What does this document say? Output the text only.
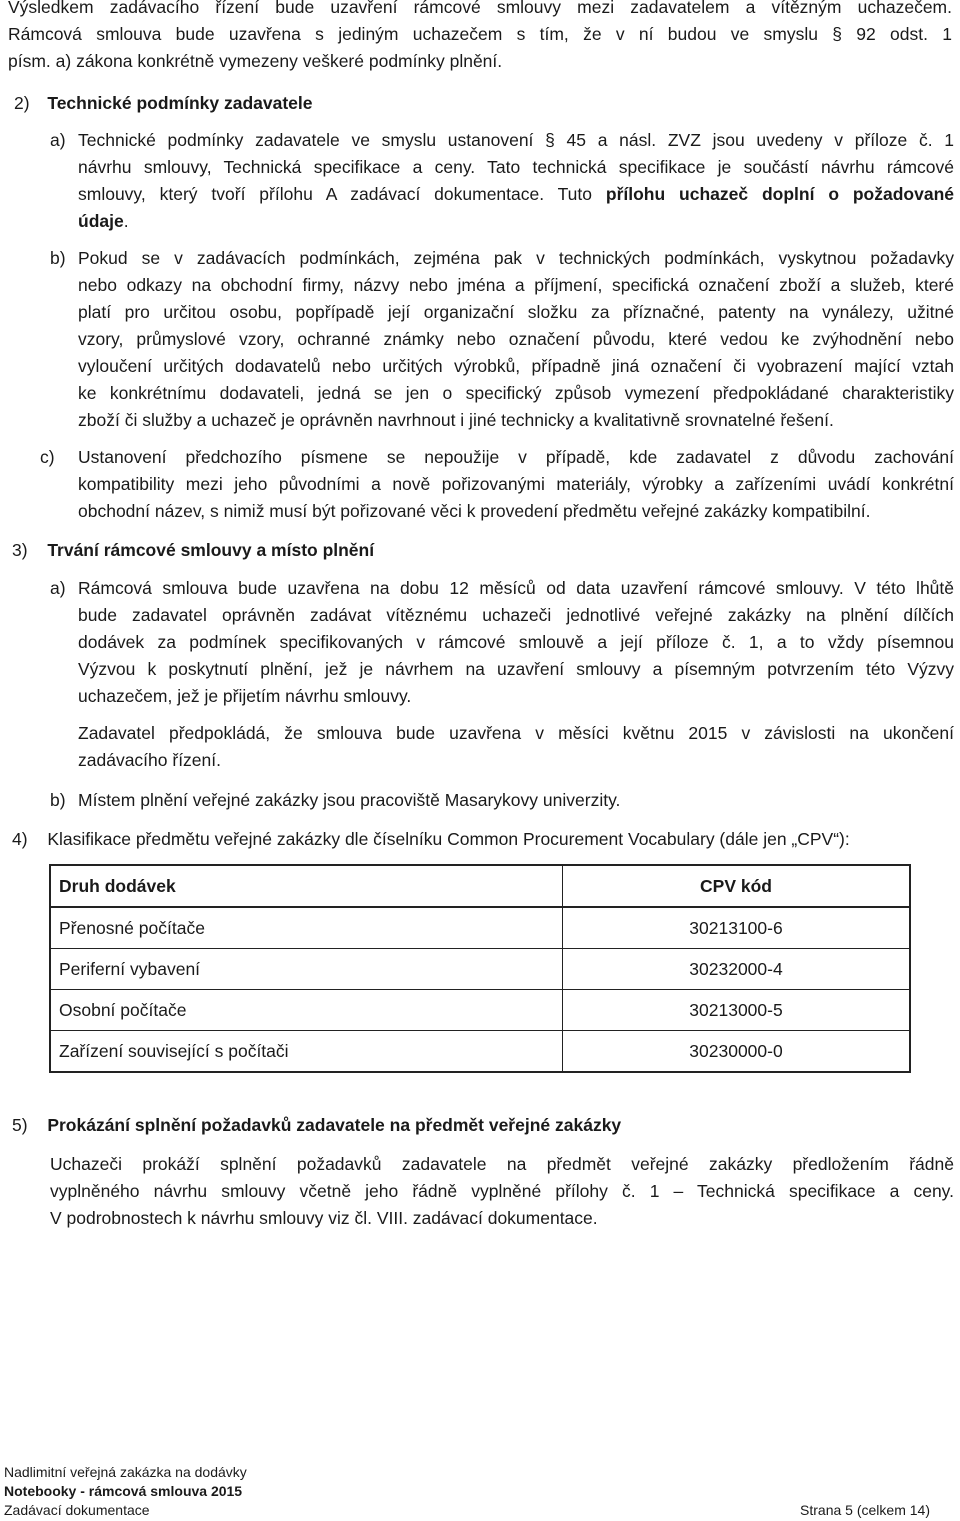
Výsledkem zadávacího řízení bude uzavření rámcové smlouvy mezi zadavatelem a vítězným uchazečem.
Rámcová smlouva bude uzavřena s jediným uchazečem s tím, že v ní budou ve smyslu § 92 odst. 1
písm. a) zákona konkrétně vymezeny veškeré podmínky plnění.
2) Technické podmínky zadavatele
a) Technické podmínky zadavatele ve smyslu ustanovení § 45 a násl. ZVZ jsou uvedeny v příloze č. 1
návrhu smlouvy, Technická specifikace a ceny. Tato technická specifikace je součástí návrhu rámcové
smlouvy, který tvoří přílohu A zadávací dokumentace. Tuto přílohu uchazeč doplní o požadované
údaje.
b) Pokud se v zadávacích podmínkách, zejména pak v technických podmínkách, vyskytnou požadavky
nebo odkazy na obchodní firmy, názvy nebo jména a příjmení, specifická označení zboží a služeb, které
platí pro určitou osobu, popřípadě její organizační složku za příznačné, patenty na vynálezy, užitné
vzory, průmyslové vzory, ochranné známky nebo označení původu, které vedou ke zvýhodnění nebo
vyloučení určitých dodavatelů nebo určitých výrobků, případně jiná označení či vyobrazení mající vztah
ke konkrétnímu dodavateli, jedná se jen o specifický způsob vymezení předpokládané charakteristiky
zboží či služby a uchazeč je oprávněn navrhnout i jiné technicky a kvalitativně srovnatelné řešení.
c) Ustanovení předchozího písmene se nepoužije v případě, kde zadavatel z důvodu zachování
kompatibility mezi jeho původními a nově pořizovanými materiály, výrobky a zařízeními uvádí konkrétní
obchodní název, s nimiž musí být pořizované věci k provedení předmětu veřejné zakázky kompatibilní.
3) Trvání rámcové smlouvy a místo plnění
a) Rámcová smlouva bude uzavřena na dobu 12 měsíců od data uzavření rámcové smlouvy. V této lhůtě
bude zadavatel oprávněn zadávat vítěznému uchazeči jednotlivé veřejné zakázky na plnění dílčích
dodávek za podmínek specifikovaných v rámcové smlouvě a její příloze č. 1, a to vždy písemnou
Výzvou k poskytnutí plnění, jež je návrhem na uzavření smlouvy a písemným potvrzením této Výzvy
uchazečem, jež je přijetím návrhu smlouvy.
Zadavatel předpokládá, že smlouva bude uzavřena v měsíci květnu 2015 v závislosti na ukončení
zadávacího řízení.
b) Místem plnění veřejné zakázky jsou pracoviště Masarykovy univerzity.
4) Klasifikace předmětu veřejné zakázky dle číselníku Common Procurement Vocabulary (dále jen „CPV“):
Druh dodávek	CPV kód
Přenosné počítače	30213100-6
Periferní vybavení	30232000-4
Osobní počítače	30213000-5
Zařízení související s počítači	30230000-0
5) Prokázání splnění požadavků zadavatele na předmět veřejné zakázky
Uchazeči prokáží splnění požadavků zadavatele na předmět veřejné zakázky předložením řádně
vyplněného návrhu smlouvy včetně jeho řádně vyplněné přílohy č. 1 – Technická specifikace a ceny.
V podrobnostech k návrhu smlouvy viz čl. VIII. zadávací dokumentace.
Nadlimitní veřejná zakázka na dodávky
Notebooky - rámcová smlouva 2015
Zadávací dokumentace	Strana 5 (celkem 14)
